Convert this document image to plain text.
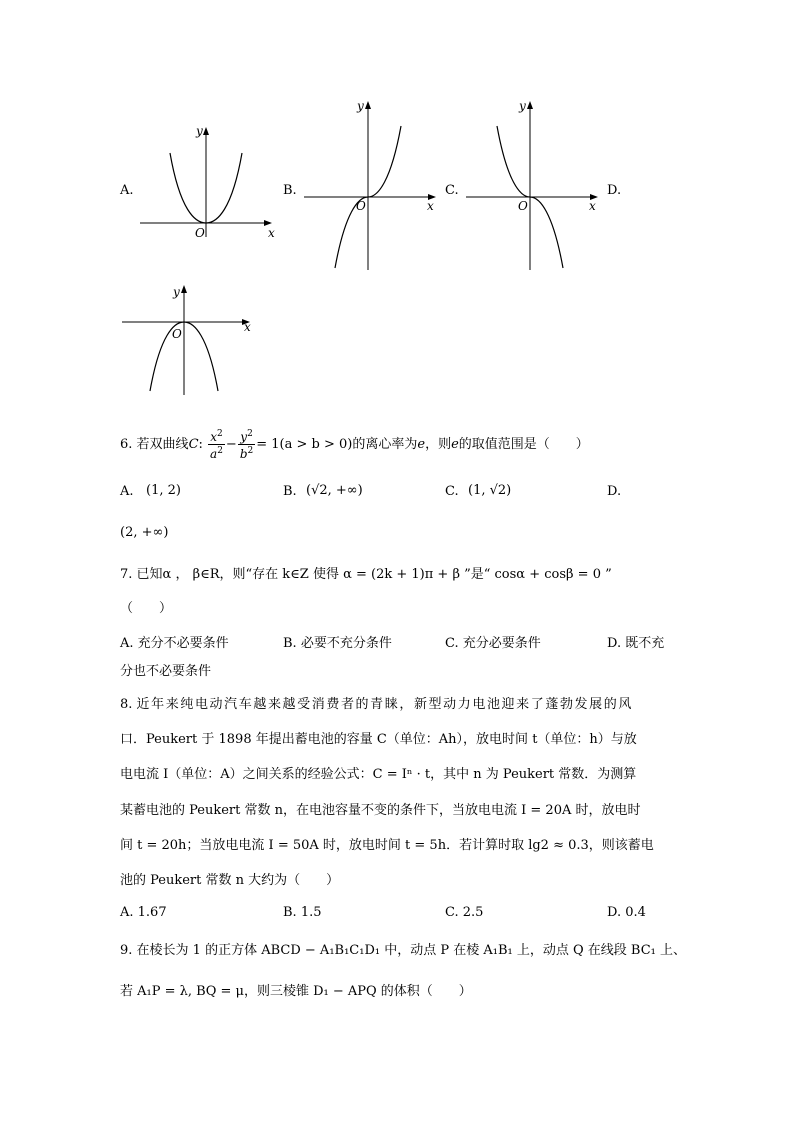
A.
y
x
O
B.
y
x
O
C.
y
x
O
D.
y
x
O
6. 若双曲线C: $\frac{x^2}{a^2} - \frac{y^2}{b^2} = 1(a > b > 0)$的离心率为e，则e的取值范围是（　　）
A. (1, 2)	B. (√2, +∞)	C. (1, √2)	D.
(2, +∞)
7. 已知α ， β∈R，则“存在 k∈Z 使得 α = (2k + 1)π + β ”是“ cosα + cosβ = 0 ”
（　　）
A. 充分不必要条件	B. 必要不充分条件	C. 充分必要条件	D. 既不充
分也不必要条件
8. 近年来纯电动汽车越来越受消费者的青睐，新型动力电池迎来了蓬勃发展的风
口．Peukert 于 1898 年提出蓄电池的容量 C（单位：Ah），放电时间 t（单位：h）与放
电电流 I（单位：A）之间关系的经验公式：C = Iⁿ · t，其中 n 为 Peukert 常数．为测算
某蓄电池的 Peukert 常数 n，在电池容量不变的条件下，当放电电流 I = 20A 时，放电时
间 t = 20h；当放电电流 I = 50A 时，放电时间 t = 5h．若计算时取 lg2 ≈ 0.3，则该蓄电
池的 Peukert 常数 n 大约为（　　）
A. 1.67	B. 1.5	C. 2.5	D. 0.4
9. 在棱长为 1 的正方体 ABCD − A₁B₁C₁D₁ 中，动点 P 在棱 A₁B₁ 上，动点 Q 在线段 BC₁ 上、
若 A₁P = λ, BQ = μ，则三棱锥 D₁ − APQ 的体积（　　）
